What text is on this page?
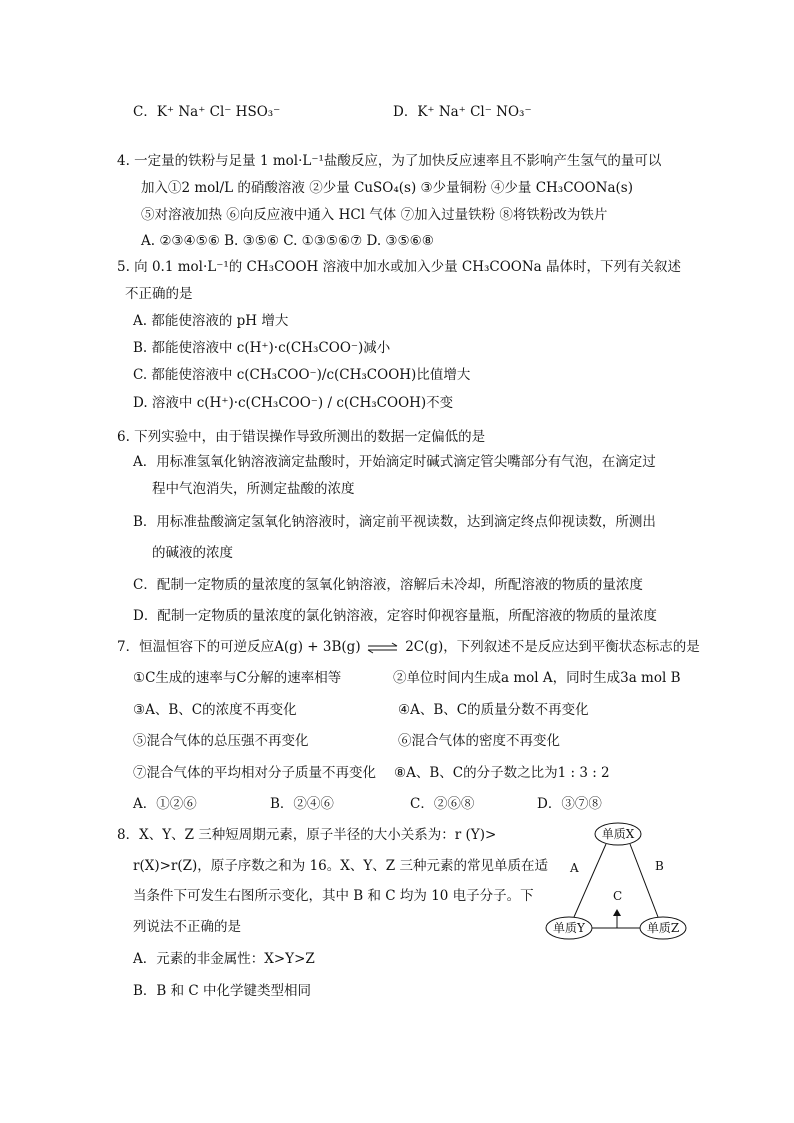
C．K⁺ Na⁺ Cl⁻ HSO₃⁻	D．K⁺ Na⁺ Cl⁻ NO₃⁻
4. 一定量的铁粉与足量 1 mol·L⁻¹盐酸反应，为了加快反应速率且不影响产生氢气的量可以
加入①2 mol/L 的硝酸溶液 ②少量 CuSO₄(s) ③少量铜粉 ④少量 CH₃COONa(s)
⑤对溶液加热 ⑥向反应液中通入 HCl 气体 ⑦加入过量铁粉 ⑧将铁粉改为铁片
A. ②③④⑤⑥ B. ③⑤⑥ C. ①③⑤⑥⑦ D. ③⑤⑥⑧
5. 向 0.1 mol·L⁻¹的 CH₃COOH 溶液中加水或加入少量 CH₃COONa 晶体时，下列有关叙述
不正确的是
A. 都能使溶液的 pH 增大
B. 都能使溶液中 c(H⁺)·c(CH₃COO⁻)减小
C. 都能使溶液中 c(CH₃COO⁻)/c(CH₃COOH)比值增大
D. 溶液中 c(H⁺)·c(CH₃COO⁻) / c(CH₃COOH)不变
6. 下列实验中，由于错误操作导致所测出的数据一定偏低的是
A．用标准氢氧化钠溶液滴定盐酸时，开始滴定时碱式滴定管尖嘴部分有气泡，在滴定过
程中气泡消失，所测定盐酸的浓度
B．用标准盐酸滴定氢氧化钠溶液时，滴定前平视读数，达到滴定终点仰视读数，所测出
的碱液的浓度
C．配制一定物质的量浓度的氢氧化钠溶液，溶解后未冷却，所配溶液的物质的量浓度
D．配制一定物质的量浓度的氯化钠溶液，定容时仰视容量瓶，所配溶液的物质的量浓度
7．恒温恒容下的可逆反应A(g) + 3B(g) ⇌ 2C(g)，下列叙述不是反应达到平衡状态标志的是
①C生成的速率与C分解的速率相等	②单位时间内生成a mol A，同时生成3a mol B
③A、B、C的浓度不再变化	④A、B、C的质量分数不再变化
⑤混合气体的总压强不再变化	⑥混合气体的密度不再变化
⑦混合气体的平均相对分子质量不再变化 ⑧A、B、C的分子数之比为1 : 3 : 2
A．①②⑥	B．②④⑥	C．②⑥⑧	D．③⑦⑧
8．X、Y、Z 三种短周期元素，原子半径的大小关系为：r (Y)>
r(X)>r(Z)，原子序数之和为 16。X、Y、Z 三种元素的常见单质在适
当条件下可发生右图所示变化，其中 B 和 C 均为 10 电子分子。下
列说法不正确的是
A．元素的非金属性：X>Y>Z
B．B 和 C 中化学键类型相同
单质X
单质Y	单质Z
A	B
C
